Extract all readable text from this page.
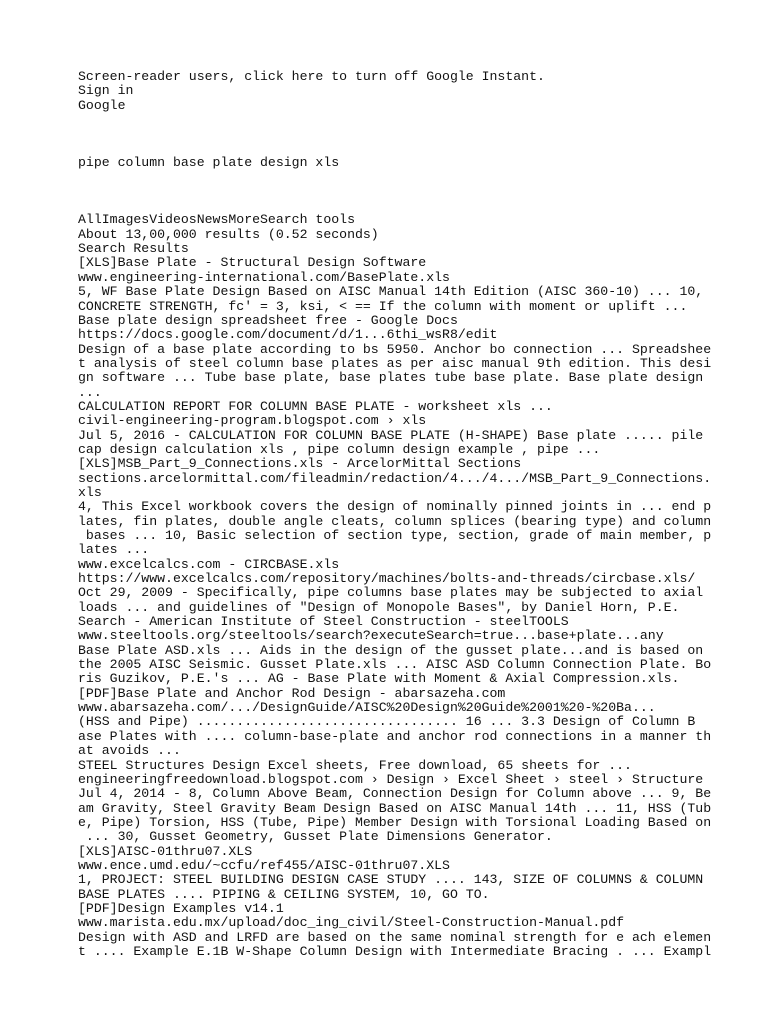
Screen-reader users, click here to turn off Google Instant.
Sign in
Google
pipe column base plate design xls
AllImagesVideosNewsMoreSearch tools
About 13,00,000 results (0.52 seconds)
Search Results
[XLS]Base Plate - Structural Design Software
www.engineering-international.com/BasePlate.xls
5, WF Base Plate Design Based on AISC Manual 14th Edition (AISC 360-10) ... 10,
CONCRETE STRENGTH, fc' = 3, ksi, < == If the column with moment or uplift ...
Base plate design spreadsheet free - Google Docs
https://docs.google.com/document/d/1...6thi_wsR8/edit
Design of a base plate according to bs 5950. Anchor bo connection ... Spreadshee
t analysis of steel column base plates as per aisc manual 9th edition. This desi
gn software ... Tube base plate, base plates tube base plate. Base plate design
...
CALCULATION REPORT FOR COLUMN BASE PLATE - worksheet xls ...
civil-engineering-program.blogspot.com › xls
Jul 5, 2016 - CALCULATION FOR COLUMN BASE PLATE (H-SHAPE) Base plate ..... pile
cap design calculation xls , pipe column design example , pipe ...
[XLS]MSB_Part_9_Connections.xls - ArcelorMittal Sections
sections.arcelormittal.com/fileadmin/redaction/4.../4.../MSB_Part_9_Connections.
xls
4, This Excel workbook covers the design of nominally pinned joints in ... end p
lates, fin plates, double angle cleats, column splices (bearing type) and column
bases ... 10, Basic selection of section type, section, grade of main member, p
lates ...
www.excelcalcs.com - CIRCBASE.xls
https://www.excelcalcs.com/repository/machines/bolts-and-threads/circbase.xls/
Oct 29, 2009 - Specifically, pipe columns base plates may be subjected to axial
loads ... and guidelines of "Design of Monopole Bases", by Daniel Horn, P.E.
Search - American Institute of Steel Construction - steelTOOLS
www.steeltools.org/steeltools/search?executeSearch=true...base+plate...any
Base Plate ASD.xls ... Aids in the design of the gusset plate...and is based on
the 2005 AISC Seismic. Gusset Plate.xls ... AISC ASD Column Connection Plate. Bo
ris Guzikov, P.E.'s ... AG - Base Plate with Moment & Axial Compression.xls.
[PDF]Base Plate and Anchor Rod Design - abarsazeha.com
www.abarsazeha.com/.../DesignGuide/AISC%20Design%20Guide%2001%20-%20Ba...
(HSS and Pipe) ................................. 16 ... 3.3 Design of Column B
ase Plates with .... column-base-plate and anchor rod connections in a manner th
at avoids ...
STEEL Structures Design Excel sheets, Free download, 65 sheets for ...
engineeringfreedownload.blogspot.com › Design › Excel Sheet › steel › Structure
Jul 4, 2014 - 8, Column Above Beam, Connection Design for Column above ... 9, Be
am Gravity, Steel Gravity Beam Design Based on AISC Manual 14th ... 11, HSS (Tub
e, Pipe) Torsion, HSS (Tube, Pipe) Member Design with Torsional Loading Based on
... 30, Gusset Geometry, Gusset Plate Dimensions Generator.
[XLS]AISC-01thru07.XLS
www.ence.umd.edu/~ccfu/ref455/AISC-01thru07.XLS
1, PROJECT: STEEL BUILDING DESIGN CASE STUDY .... 143, SIZE OF COLUMNS & COLUMN
BASE PLATES .... PIPING & CEILING SYSTEM, 10, GO TO.
[PDF]Design Examples v14.1
www.marista.edu.mx/upload/doc_ing_civil/Steel-Construction-Manual.pdf
Design with ASD and LRFD are based on the same nominal strength for e ach elemen
t .... Example E.1B W-Shape Column Design with Intermediate Bracing . ... Exampl
